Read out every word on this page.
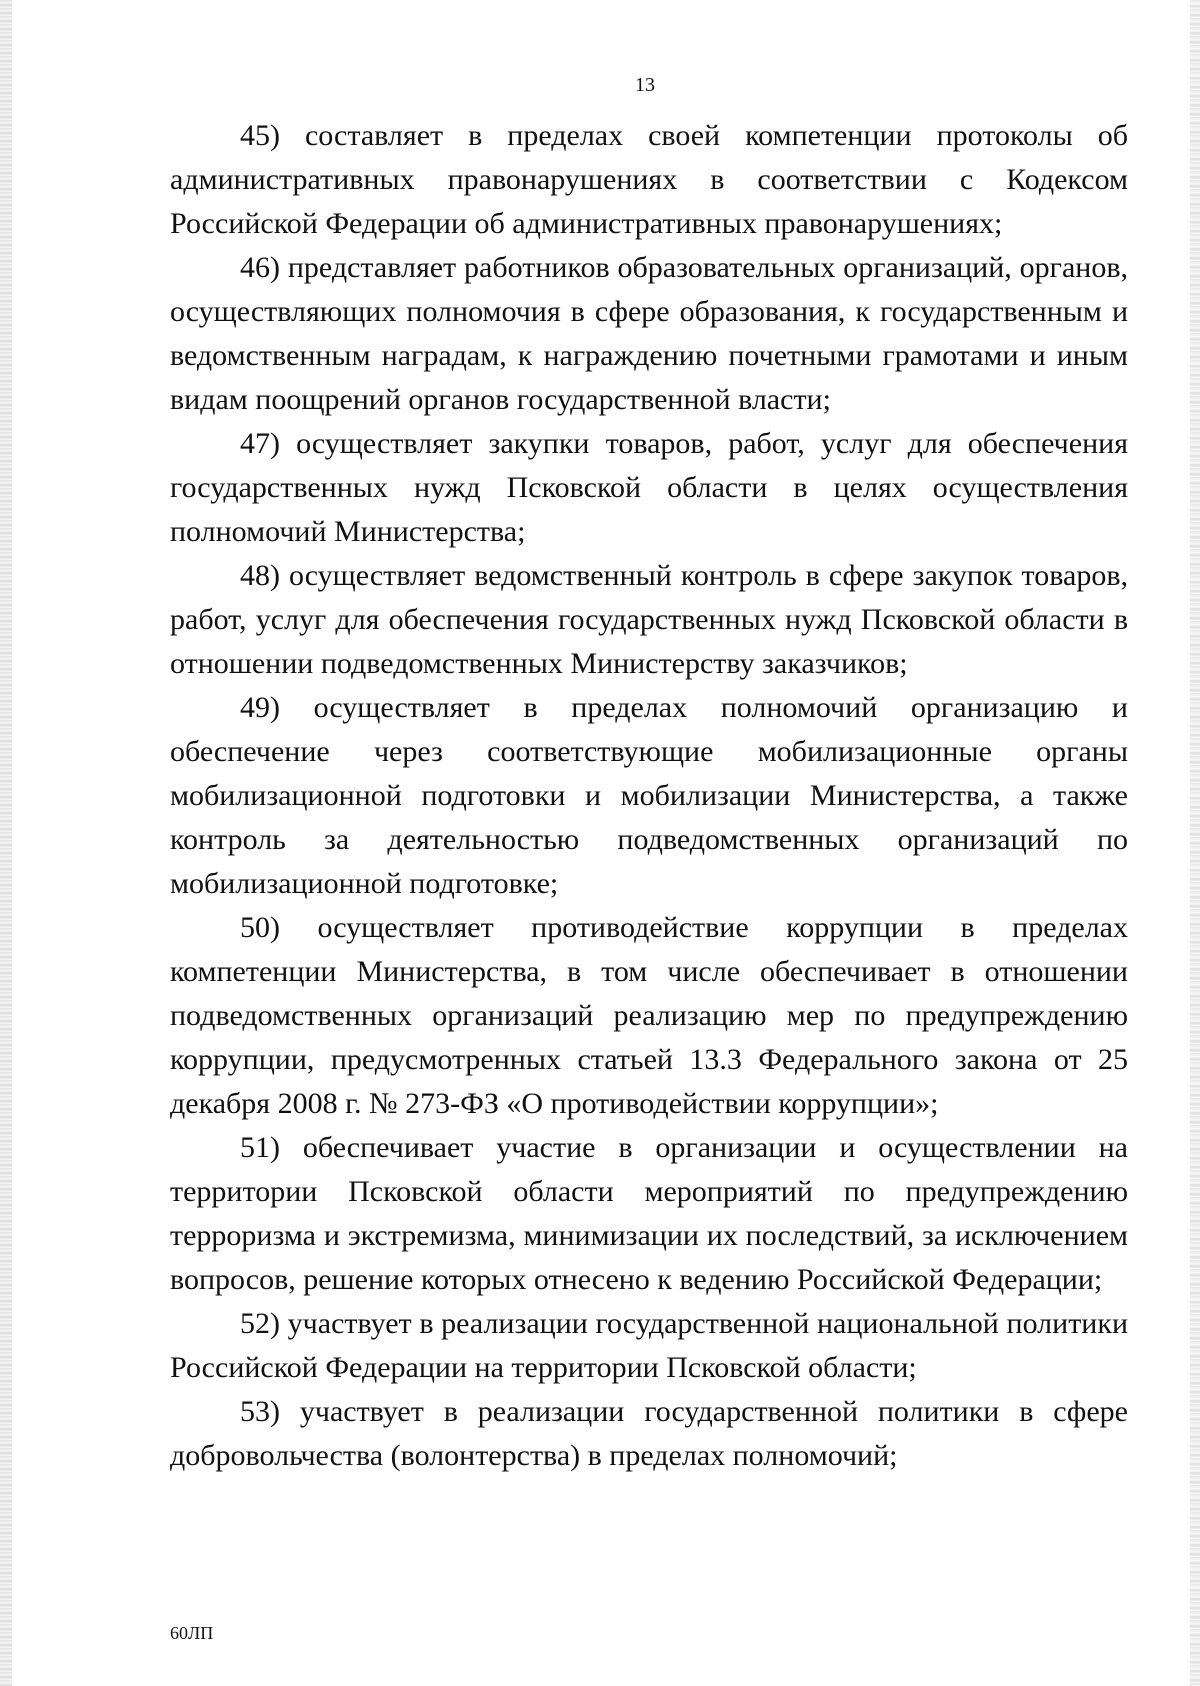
13

45) составляет в пределах своей компетенции протоколы об административных правонарушениях в соответствии с Кодексом Российской Федерации об административных правонарушениях;

46) представляет работников образовательных организаций, органов, осуществляющих полномочия в сфере образования, к государственным и ведомственным наградам, к награждению почетными грамотами и иным видам поощрений органов государственной власти;

47) осуществляет закупки товаров, работ, услуг для обеспечения государственных нужд Псковской области в целях осуществления полномочий Министерства;

48) осуществляет ведомственный контроль в сфере закупок товаров, работ, услуг для обеспечения государственных нужд Псковской области в отношении подведомственных Министерству заказчиков;

49) осуществляет в пределах полномочий организацию и обеспечение через соответствующие мобилизационные органы мобилизационной подготовки и мобилизации Министерства, а также контроль за деятельностью подведомственных организаций по мобилизационной подготовке;

50) осуществляет противодействие коррупции в пределах компетенции Министерства, в том числе обеспечивает в отношении подведомственных организаций реализацию мер по предупреждению коррупции, предусмотренных статьей 13.3 Федерального закона от 25 декабря 2008 г. № 273-ФЗ «О противодействии коррупции»;

51) обеспечивает участие в организации и осуществлении на территории Псковской области мероприятий по предупреждению терроризма и экстремизма, минимизации их последствий, за исключением вопросов, решение которых отнесено к ведению Российской Федерации;

52) участвует в реализации государственной национальной политики Российской Федерации на территории Псковской области;

53) участвует в реализации государственной политики в сфере добровольчества (волонтерства) в пределах полномочий;

60ЛП
